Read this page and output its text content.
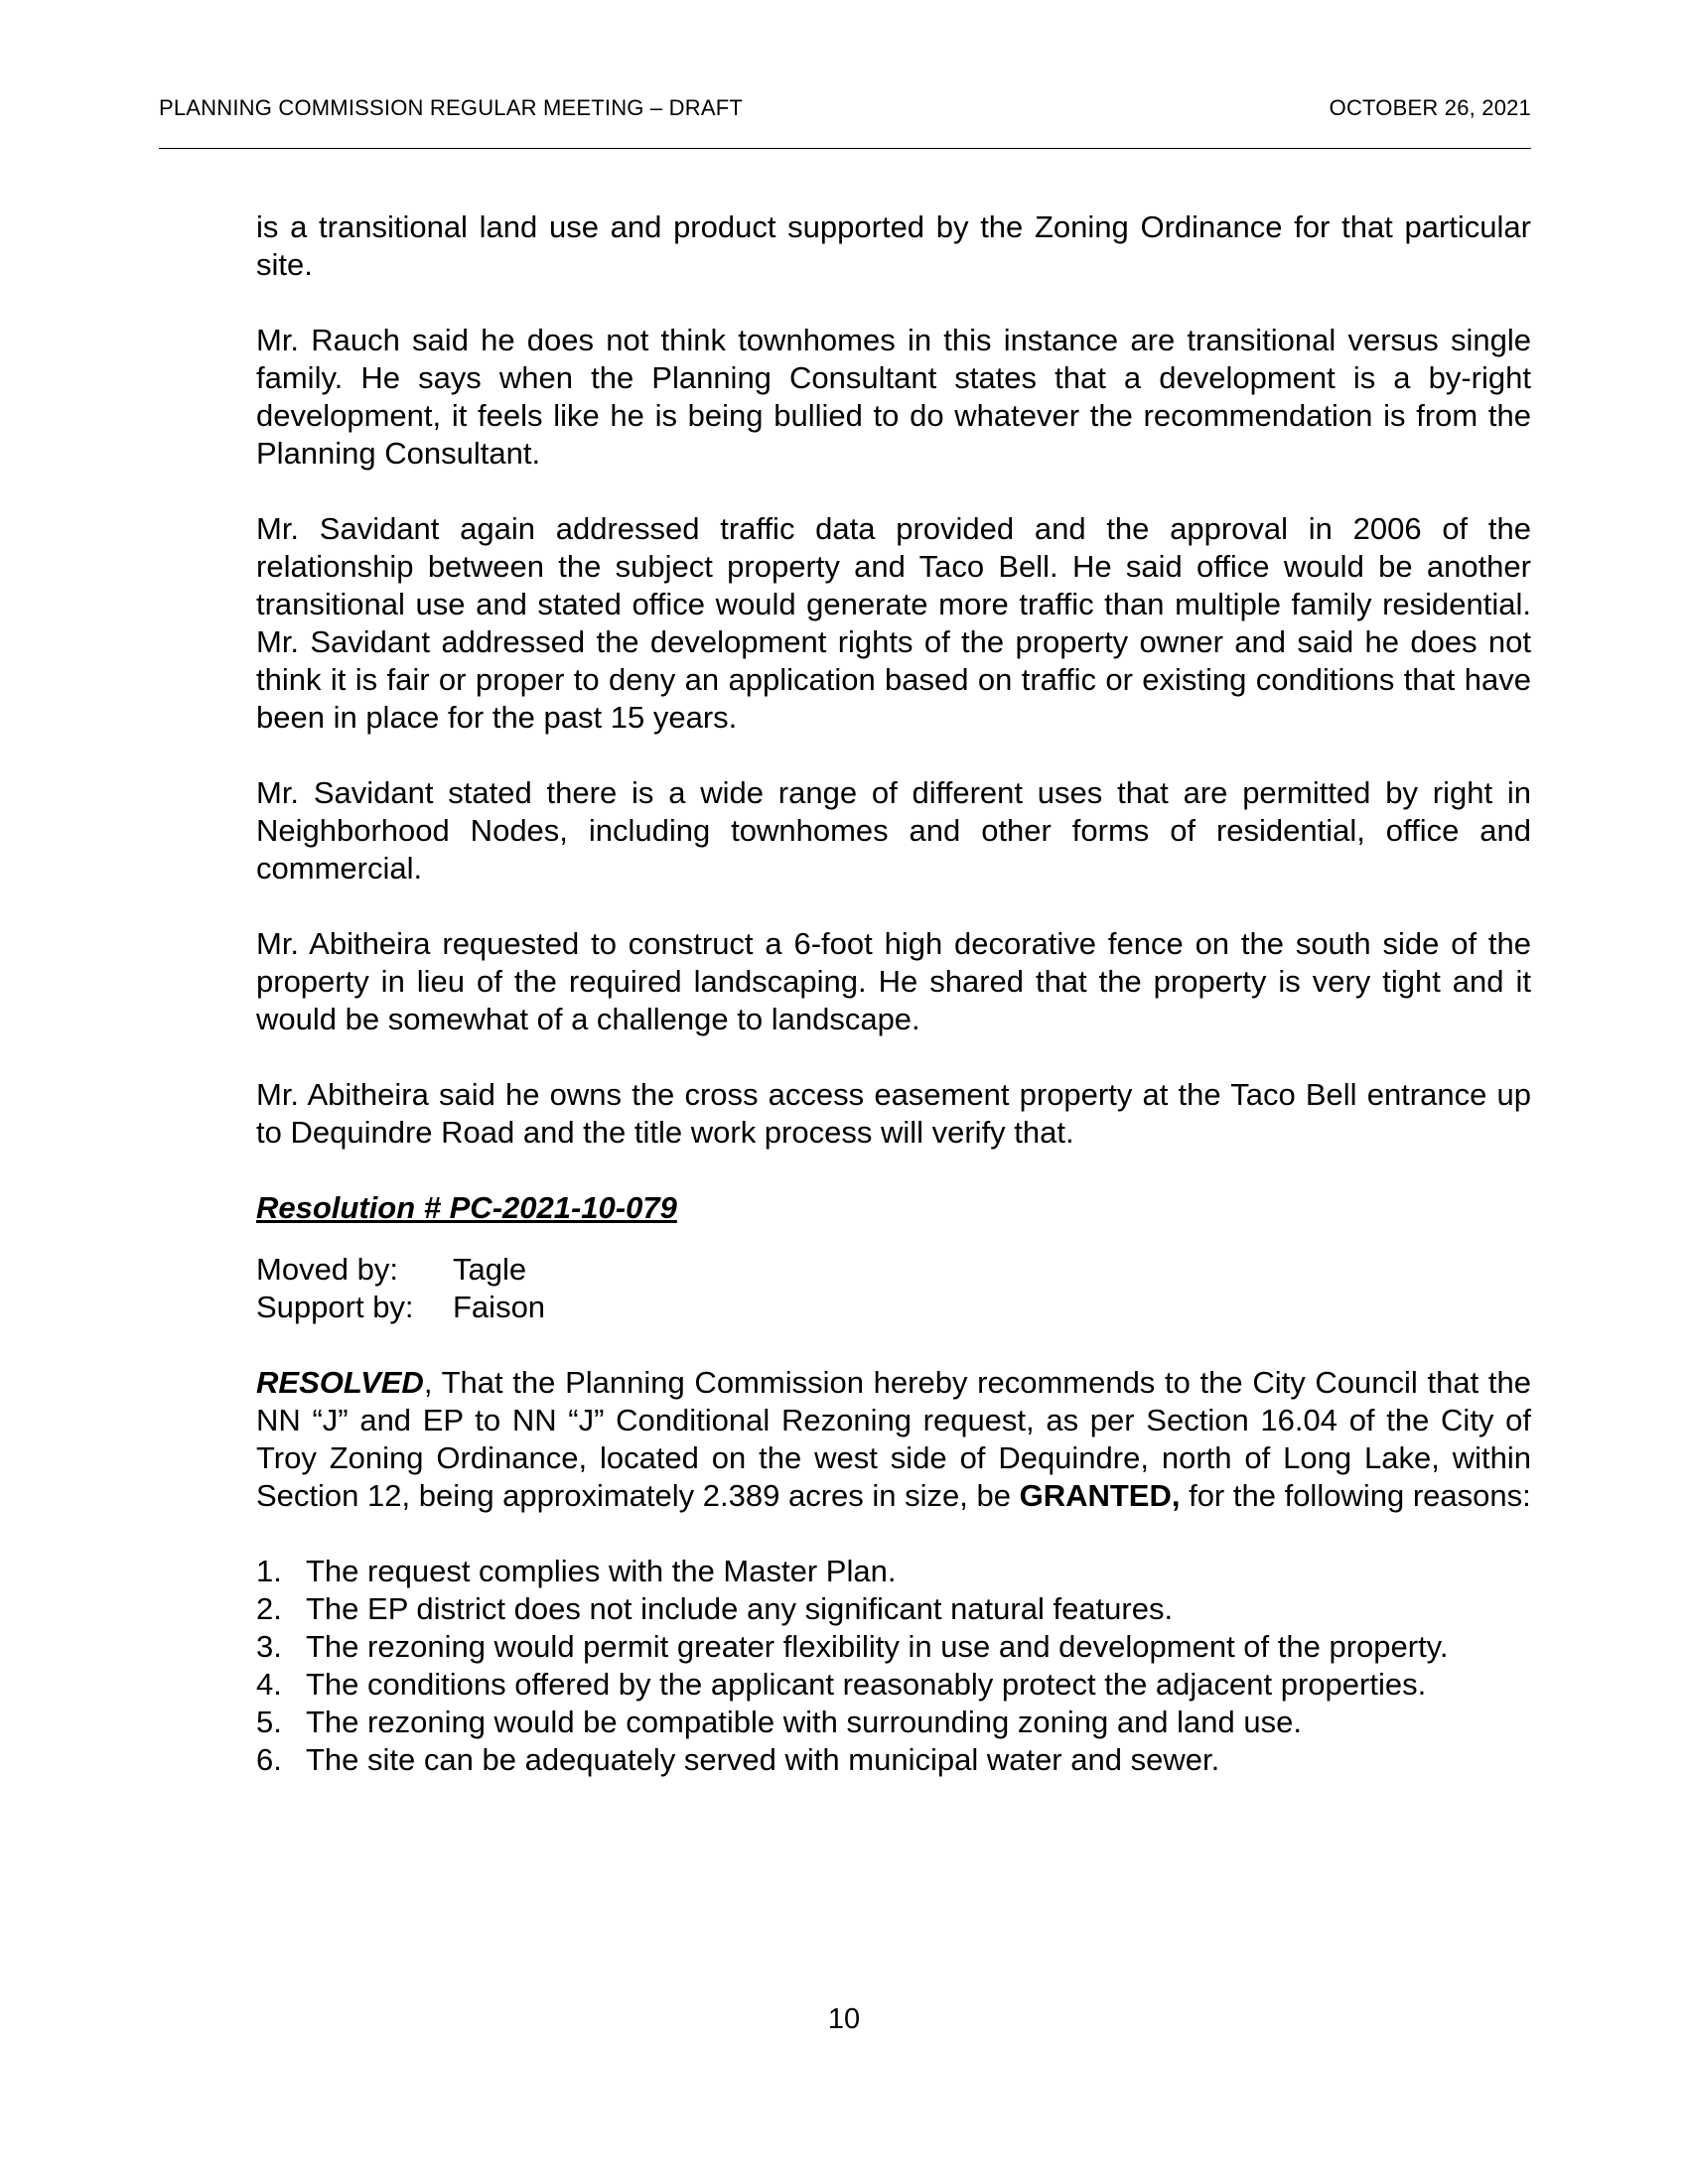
PLANNING COMMISSION REGULAR MEETING – DRAFT	OCTOBER 26, 2021

is a transitional land use and product supported by the Zoning Ordinance for that particular site.

Mr. Rauch said he does not think townhomes in this instance are transitional versus single family. He says when the Planning Consultant states that a development is a by-right development, it feels like he is being bullied to do whatever the recommendation is from the Planning Consultant.

Mr. Savidant again addressed traffic data provided and the approval in 2006 of the relationship between the subject property and Taco Bell. He said office would be another transitional use and stated office would generate more traffic than multiple family residential. Mr. Savidant addressed the development rights of the property owner and said he does not think it is fair or proper to deny an application based on traffic or existing conditions that have been in place for the past 15 years.

Mr. Savidant stated there is a wide range of different uses that are permitted by right in Neighborhood Nodes, including townhomes and other forms of residential, office and commercial.

Mr. Abitheira requested to construct a 6-foot high decorative fence on the south side of the property in lieu of the required landscaping. He shared that the property is very tight and it would be somewhat of a challenge to landscape.

Mr. Abitheira said he owns the cross access easement property at the Taco Bell entrance up to Dequindre Road and the title work process will verify that.

Resolution # PC-2021-10-079
Moved by:	Tagle
Support by:	Faison

RESOLVED, That the Planning Commission hereby recommends to the City Council that the NN “J” and EP to NN “J” Conditional Rezoning request, as per Section 16.04 of the City of Troy Zoning Ordinance, located on the west side of Dequindre, north of Long Lake, within Section 12, being approximately 2.389 acres in size, be GRANTED, for the following reasons:

1. The request complies with the Master Plan.
2. The EP district does not include any significant natural features.
3. The rezoning would permit greater flexibility in use and development of the property.
4. The conditions offered by the applicant reasonably protect the adjacent properties.
5. The rezoning would be compatible with surrounding zoning and land use.
6. The site can be adequately served with municipal water and sewer.
10
